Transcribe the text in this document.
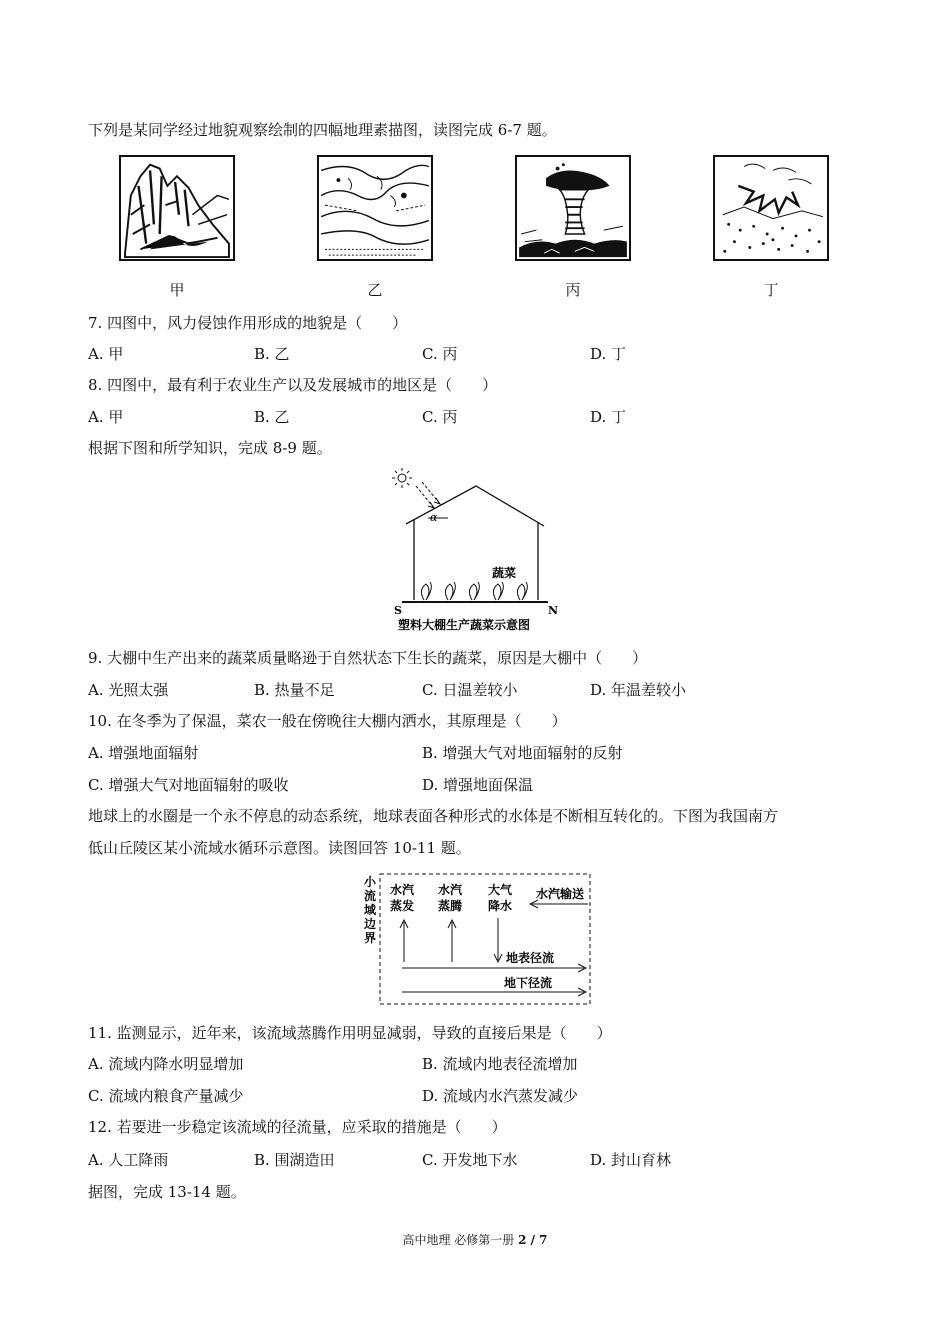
下列是某同学经过地貌观察绘制的四幅地理素描图，读图完成 6-7 题。
甲	乙	丙	丁
7. 四图中，风力侵蚀作用形成的地貌是（　　）
A. 甲	B. 乙	C. 丙	D. 丁
8. 四图中，最有利于农业生产以及发展城市的地区是（　　）
A. 甲	B. 乙	C. 丙	D. 丁
根据下图和所学知识，完成 8-9 题。
α
蔬菜
S	N
塑料大棚生产蔬菜示意图
9. 大棚中生产出来的蔬菜质量略逊于自然状态下生长的蔬菜，原因是大棚中（　　）
A. 光照太强	B. 热量不足	C. 日温差较小	D. 年温差较小
10. 在冬季为了保温，菜农一般在傍晚往大棚内洒水，其原理是（　　）
A. 增强地面辐射	B. 增强大气对地面辐射的反射
C. 增强大气对地面辐射的吸收	D. 增强地面保温
地球上的水圈是一个永不停息的动态系统，地球表面各种形式的水体是不断相互转化的。下图为我国南方
低山丘陵区某小流域水循环示意图。读图回答 10-11 题。
小
流
域
边
界
水汽
蒸发
水汽
蒸腾
大气
降水
水汽输送
地表径流
地下径流
11. 监测显示，近年来，该流域蒸腾作用明显减弱，导致的直接后果是（　　）
A. 流域内降水明显增加	B. 流域内地表径流增加
C. 流域内粮食产量减少	D. 流域内水汽蒸发减少
12. 若要进一步稳定该流域的径流量，应采取的措施是（　　）
A. 人工降雨	B. 围湖造田	C. 开发地下水	D. 封山育林
据图，完成 13-14 题。
高中地理 必修第一册 2 / 7
